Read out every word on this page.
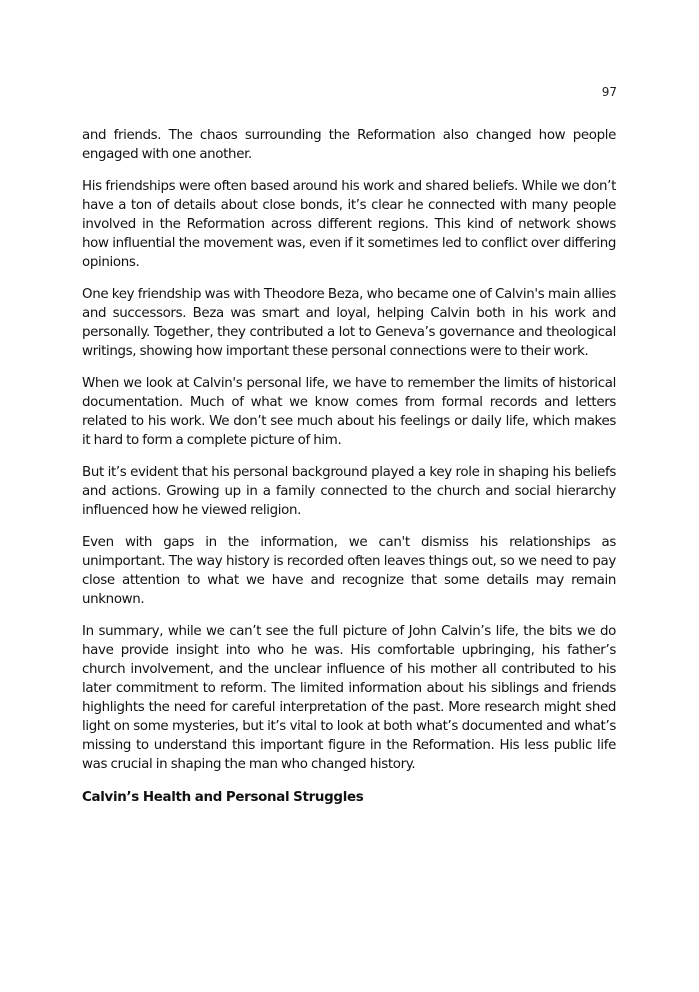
97

and friends. The chaos surrounding the Reformation also changed how people engaged with one another.

His friendships were often based around his work and shared beliefs. While we don’t have a ton of details about close bonds, it’s clear he connected with many people involved in the Reformation across different regions. This kind of network shows how influential the movement was, even if it sometimes led to conflict over differing opinions.

One key friendship was with Theodore Beza, who became one of Calvin's main allies and successors. Beza was smart and loyal, helping Calvin both in his work and personally. Together, they contributed a lot to Geneva’s governance and theological writings, showing how important these personal connections were to their work.

When we look at Calvin's personal life, we have to remember the limits of historical documentation. Much of what we know comes from formal records and letters related to his work. We don’t see much about his feelings or daily life, which makes it hard to form a complete picture of him.

But it’s evident that his personal background played a key role in shaping his beliefs and actions. Growing up in a family connected to the church and social hierarchy influenced how he viewed religion.

Even with gaps in the information, we can't dismiss his relationships as unimportant. The way history is recorded often leaves things out, so we need to pay close attention to what we have and recognize that some details may remain unknown.

In summary, while we can’t see the full picture of John Calvin’s life, the bits we do have provide insight into who he was. His comfortable upbringing, his father’s church involvement, and the unclear influence of his mother all contributed to his later commitment to reform. The limited information about his siblings and friends highlights the need for careful interpretation of the past. More research might shed light on some mysteries, but it’s vital to look at both what’s documented and what’s missing to understand this important figure in the Reformation. His less public life was crucial in shaping the man who changed history.

Calvin’s Health and Personal Struggles
